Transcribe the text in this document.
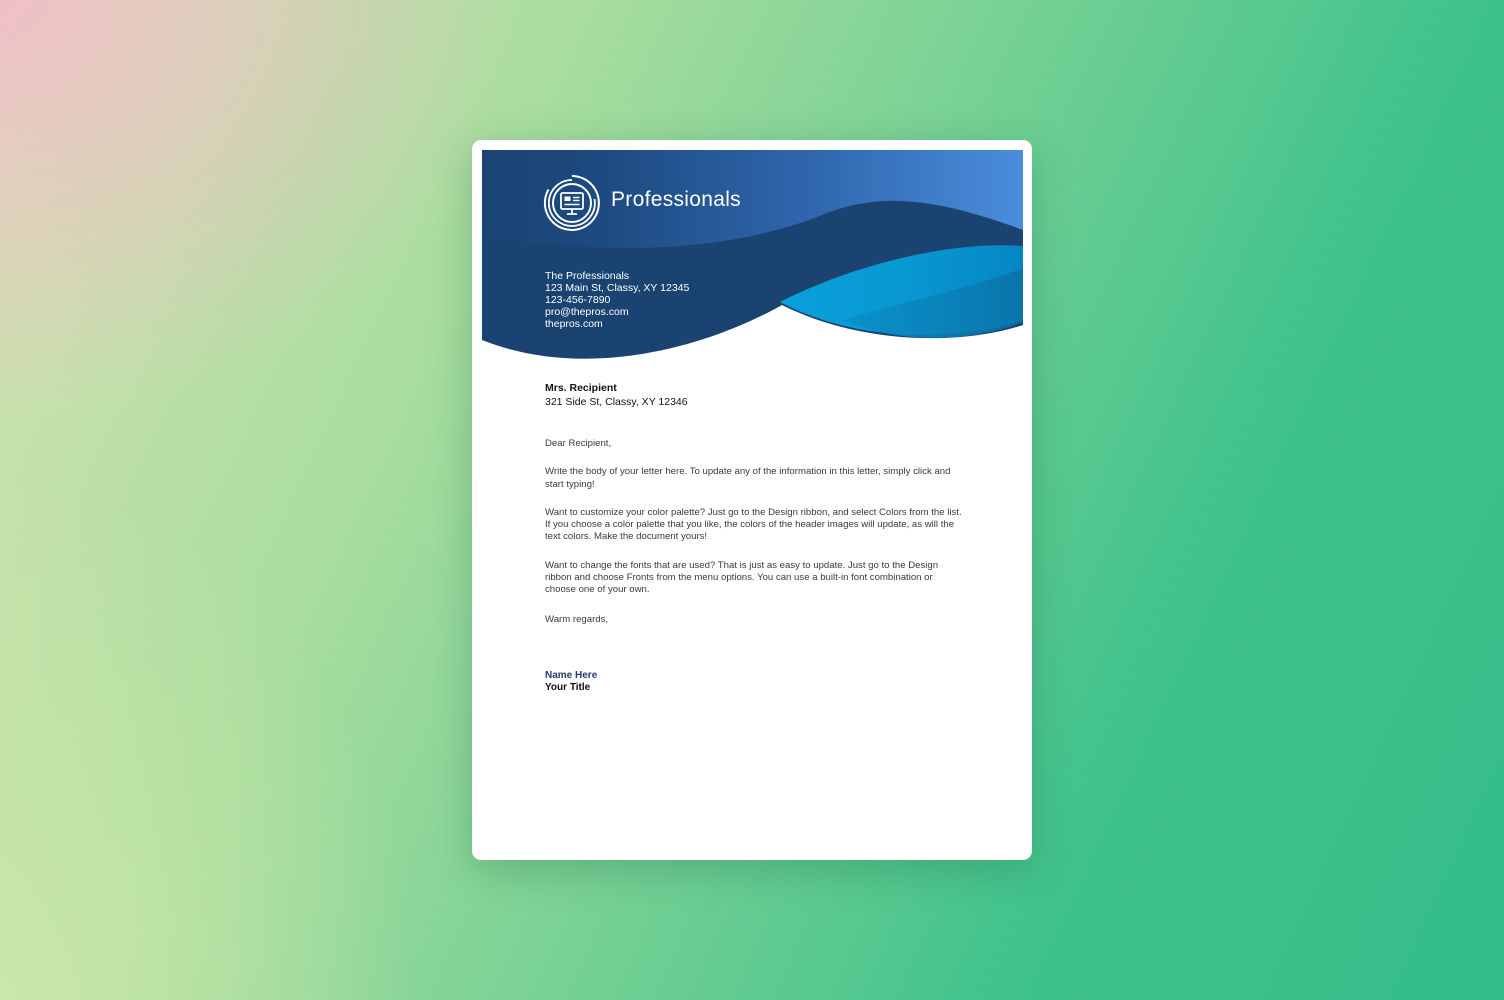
Professionals
The Professionals
123 Main St, Classy, XY 12345
123-456-7890
pro@thepros.com
thepros.com
Mrs. Recipient
321 Side St, Classy, XY 12346

Dear Recipient,

Write the body of your letter here. To update any of the information in this letter, simply click and start typing!

Want to customize your color palette? Just go to the Design ribbon, and select Colors from the list. If you choose a color palette that you like, the colors of the header images will update, as will the text colors. Make the document yours!

Want to change the fonts that are used? That is just as easy to update. Just go to the Design ribbon and choose Fronts from the menu options. You can use a built-in font combination or choose one of your own.

Warm regards,

Name Here
Your Title
